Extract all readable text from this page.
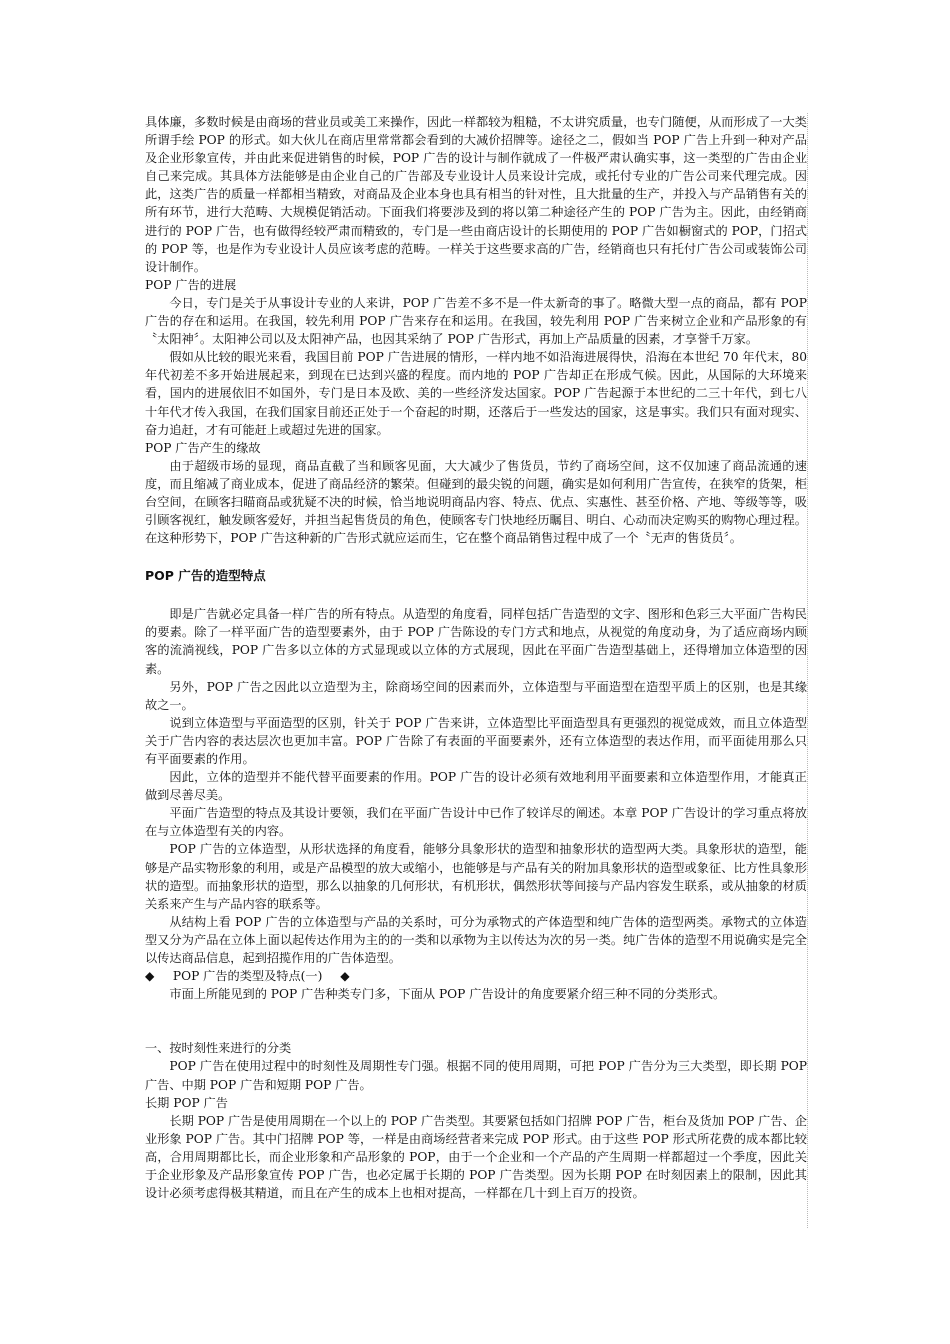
具体廉，多数时候是由商场的营业员或美工来操作，因此一样都较为粗糙，不太讲究质量，也专门随便，从而形成了一大类所谓手绘 POP 的形式。如大伙儿在商店里常常都会看到的大减价招牌等。途径之二，假如当 POP 广告上升到一种对产品及企业形象宣传，并由此来促进销售的时候，POP 广告的设计与制作就成了一件极严肃认确实事，这一类型的广告由企业自己来完成。其具体方法能够是由企业自己的广告部及专业设计人员来设计完成，或托付专业的广告公司来代理完成。因此，这类广告的质量一样都相当精致，对商品及企业本身也具有相当的针对性，且大批量的生产，并投入与产品销售有关的所有环节，进行大范畴、大规模促销活动。下面我们将要涉及到的将以第二种途径产生的 POP 广告为主。因此，由经销商进行的 POP 广告，也有做得经较严肃而精致的，专门是一些由商店设计的长期使用的 POP 广告如橱窗式的 POP，门招式的 POP 等，也是作为专业设计人员应该考虑的范畴。一样关于这些要求高的广告，经销商也只有托付广告公司或装饰公司设计制作。

POP 广告的进展

今日，专门是关于从事设计专业的人来讲，POP 广告差不多不是一件太新奇的事了。略微大型一点的商品，都有 POP 广告的存在和运用。在我国，较先利用 POP 广告来存在和运用。在我国，较先利用 POP 广告来树立企业和产品形象的有〝太阳神〞。太阳神公司以及太阳神产品，也因其采纳了 POP 广告形式，再加上产品质量的因素，才享誉千万家。

假如从比较的眼光来看，我国目前 POP 广告进展的情形，一样内地不如沿海进展得快，沿海在本世纪 70 年代末，80 年代初差不多开始进展起来，到现在已达到兴盛的程度。而内地的 POP 广告却正在形成气候。因此，从国际的大环境来看，国内的进展依旧不如国外，专门是日本及欧、美的一些经济发达国家。POP 广告起源于本世纪的二三十年代，到七八十年代才传入我国，在我们国家目前还正处于一个奋起的时期，还落后于一些发达的国家，这是事实。我们只有面对现实、奋力追赶，才有可能赶上或超过先进的国家。

POP 广告产生的缘故

由于超级市场的显现，商品直截了当和顾客见面，大大减少了售货员，节约了商场空间，这不仅加速了商品流通的速度，而且缩减了商业成本，促进了商品经济的繁荣。但碰到的最尖锐的问题，确实是如何利用广告宣传，在狭窄的货架，柜台空间，在顾客扫瞄商品或犹疑不决的时候，恰当地说明商品内容、特点、优点、实惠性、甚至价格、产地、等级等等，吸引顾客视红，触发顾客爱好，并担当起售货员的角色，使顾客专门快地经历瞩目、明白、心动而决定购买的购物心理过程。在这种形势下，POP 广告这种新的广告形式就应运而生，它在整个商品销售过程中成了一个〝无声的售货员〞。

POP 广告的造型特点

即是广告就必定具备一样广告的所有特点。从造型的角度看，同样包括广告造型的文字、图形和色彩三大平面广告构民的要素。除了一样平面广告的造型要素外，由于 POP 广告陈设的专门方式和地点，从视觉的角度动身，为了适应商场内顾客的流淌视线，POP 广告多以立体的方式显现或以立体的方式展现，因此在平面广告造型基础上，还得增加立体造型的因素。

另外，POP 广告之因此以立造型为主，除商场空间的因素而外，立体造型与平面造型在造型平质上的区别，也是其缘故之一。

说到立体造型与平面造型的区别，针关于 POP 广告来讲，立体造型比平面造型具有更强烈的视觉成效，而且立体造型关于广告内容的表达层次也更加丰富。POP 广告除了有表面的平面要素外，还有立体造型的表达作用，而平面徒用那么只有平面要素的作用。

因此，立体的造型并不能代替平面要素的作用。POP 广告的设计必须有效地利用平面要素和立体造型作用，才能真正做到尽善尽美。

平面广告造型的特点及其设计要领，我们在平面广告设计中已作了较详尽的阐述。本章 POP 广告设计的学习重点将放在与立体造型有关的内容。

POP 广告的立体造型，从形状选择的角度看，能够分具象形状的造型和抽象形状的造型两大类。具象形状的造型，能够是产品实物形象的利用，或是产品模型的放大或缩小，也能够是与产品有关的附加具象形状的造型或象征、比方性具象形状的造型。而抽象形状的造型，那么以抽象的几何形状，有机形状，偶然形状等间接与产品内容发生联系，或从抽象的材质关系来产生与产品内容的联系等。

从结构上看 POP 广告的立体造型与产品的关系时，可分为承物式的产体造型和纯广告体的造型两类。承物式的立体造型又分为产品在立体上面以起传达作用为主的的一类和以承物为主以传达为次的另一类。纯广告体的造型不用说确实是完全以传达商品信息，起到招揽作用的广告体造型。

◆ POP 广告的类型及特点(一) ◆

市面上所能见到的 POP 广告种类专门多，下面从 POP 广告设计的角度要紧介绍三种不同的分类形式。

一、按时刻性来进行的分类

POP 广告在使用过程中的时刻性及周期性专门强。根据不同的使用周期，可把 POP 广告分为三大类型，即长期 POP 广告、中期 POP 广告和短期 POP 广告。

长期 POP 广告

长期 POP 广告是使用周期在一个以上的 POP 广告类型。其要紧包括如门招牌 POP 广告，柜台及货加 POP 广告、企业形象 POP 广告。其中门招牌 POP 等，一样是由商场经营者来完成 POP 形式。由于这些 POP 形式所花费的成本都比较高，合用周期都比长，而企业形象和产品形象的 POP，由于一个企业和一个产品的产生周期一样都超过一个季度，因此关于企业形象及产品形象宣传 POP 广告，也必定属于长期的 POP 广告类型。因为长期 POP 在时刻因素上的限制，因此其设计必须考虑得极其精道，而且在产生的成本上也相对提高，一样都在几十到上百万的投资。
